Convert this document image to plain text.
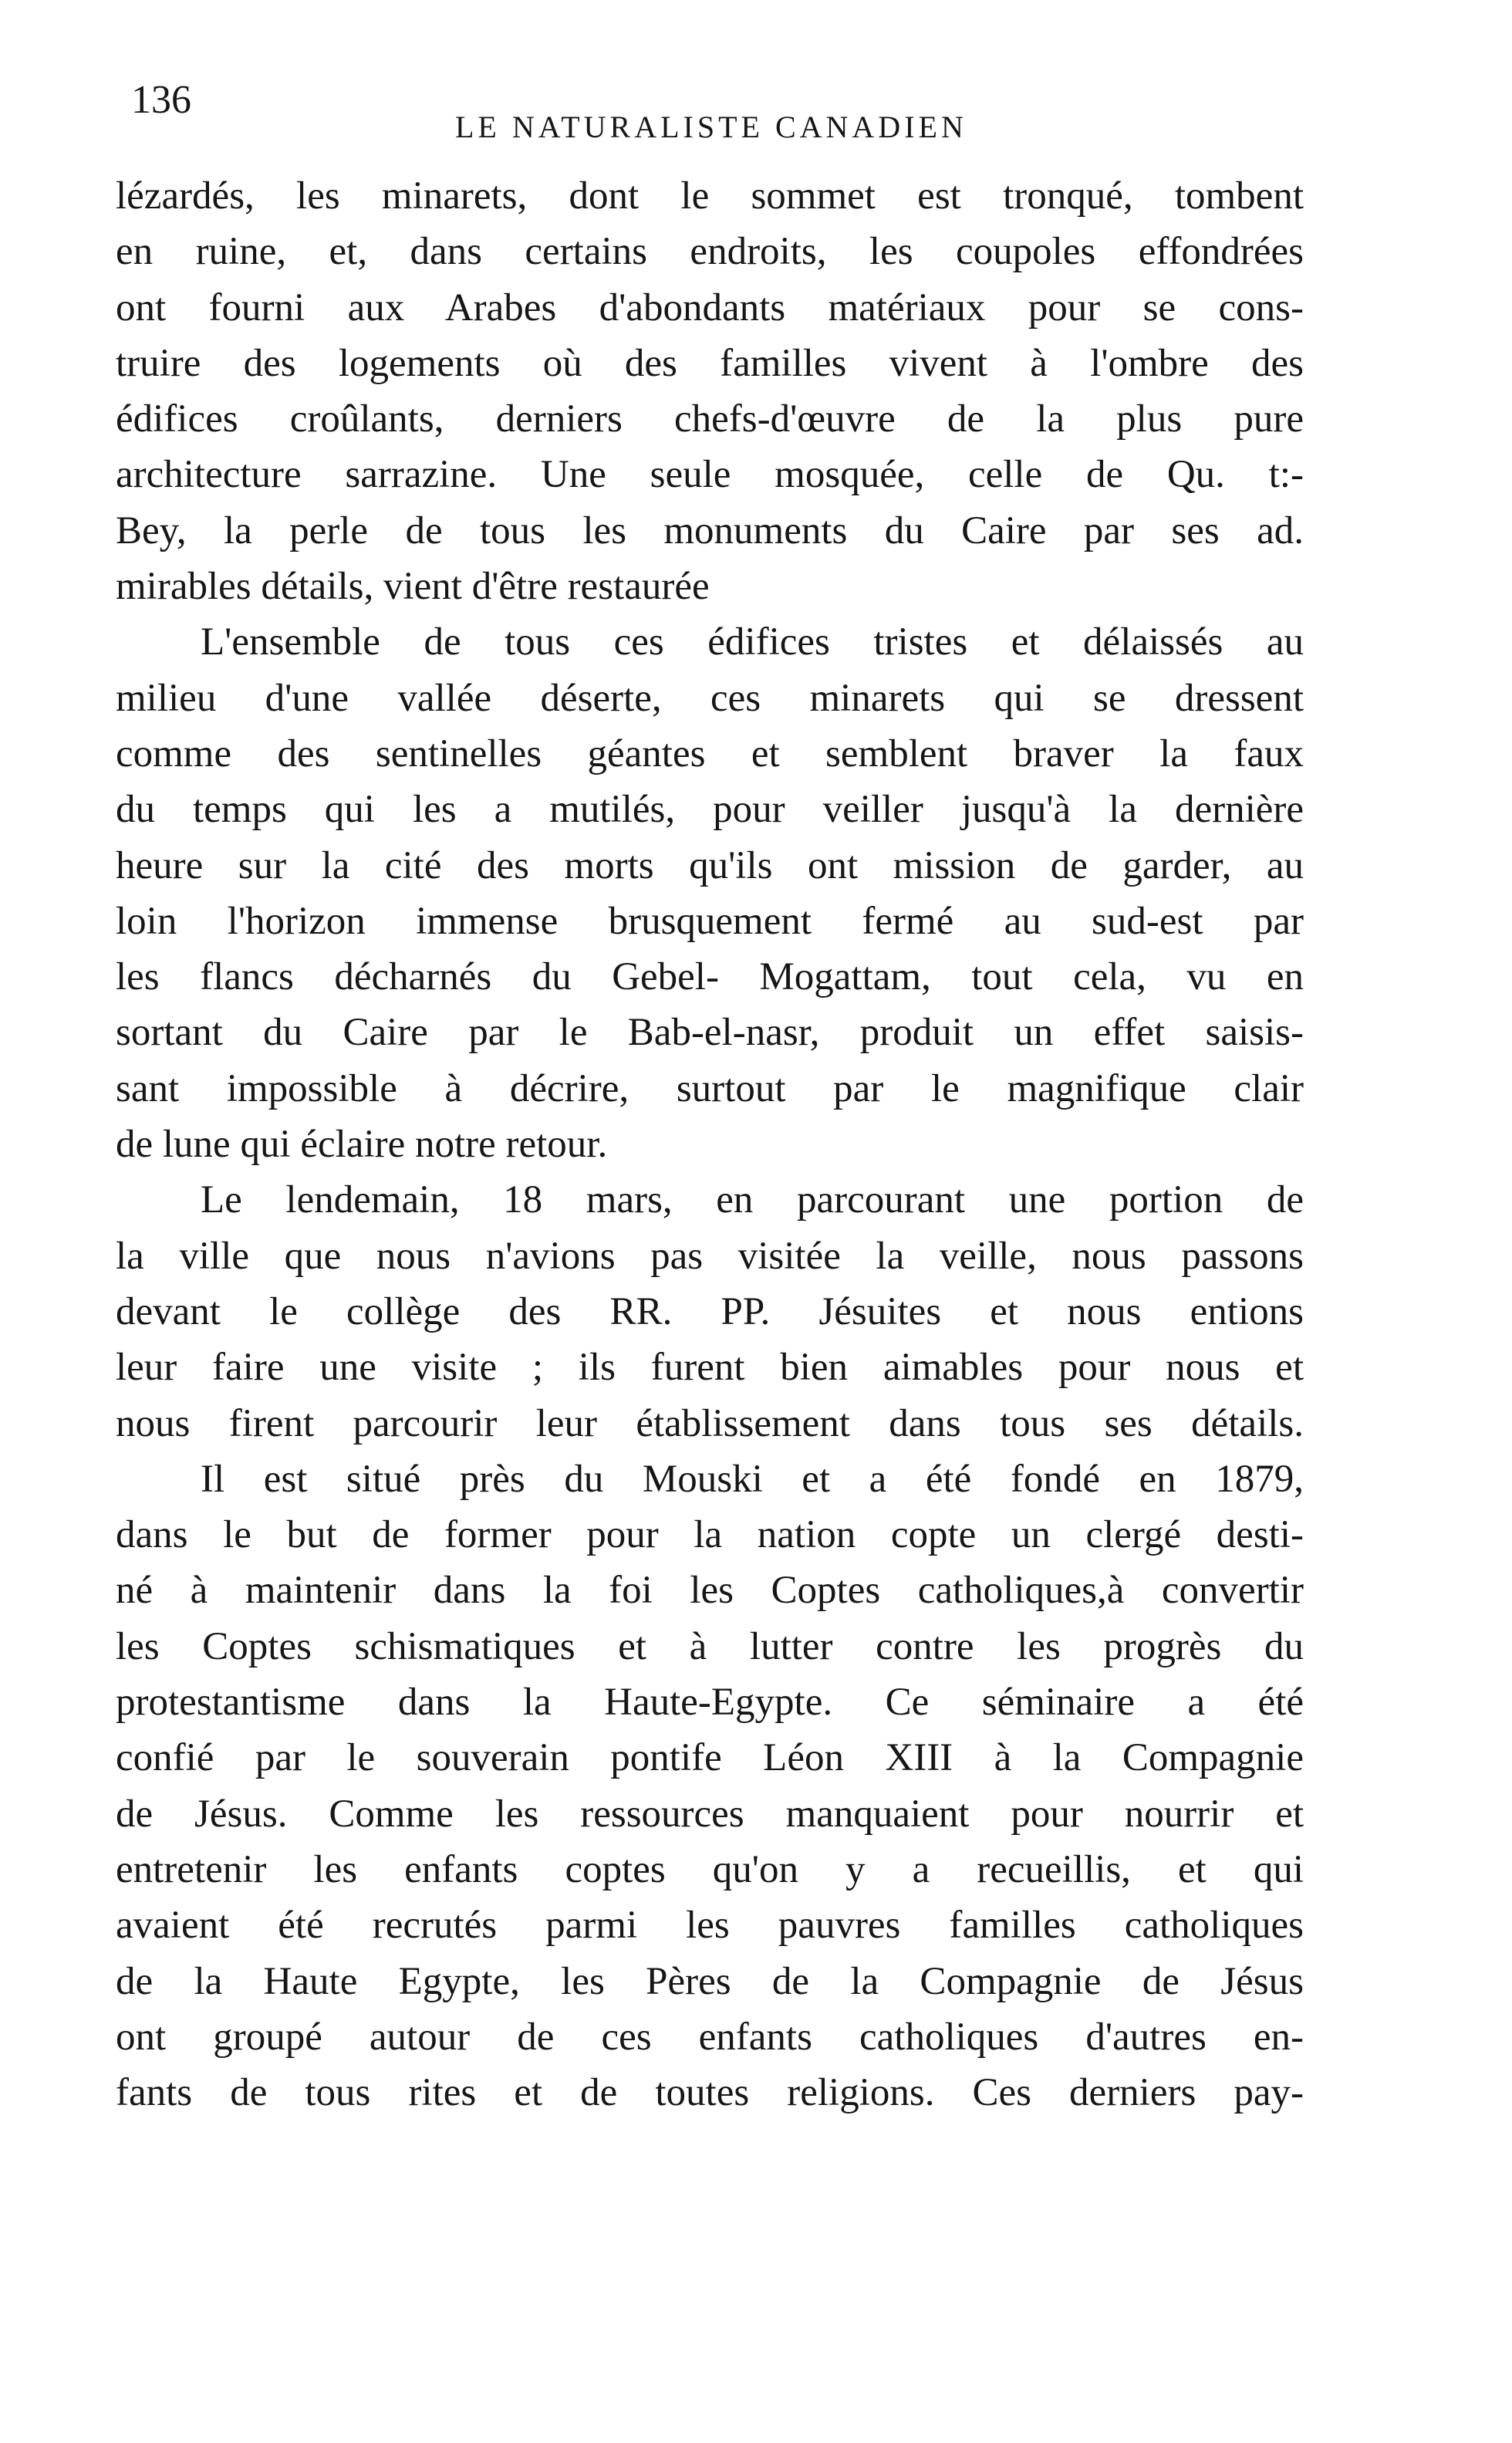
136
LE NATURALISTE CANADIEN
lézardés, les minarets, dont le sommet est tronqué, tombent
en ruine, et, dans certains endroits, les coupoles effondrées
ont fourni aux Arabes d'abondants matériaux pour se cons-
truire des logements où des familles vivent à l'ombre des
édifices croûlants, derniers chefs-d'œuvre de la plus pure
architecture sarrazine. Une seule mosquée, celle de Qu. t:-
Bey, la perle de tous les monuments du Caire par ses ad.
mirables détails, vient d'être restaurée
L'ensemble de tous ces édifices tristes et délaissés au
milieu d'une vallée déserte, ces minarets qui se dressent
comme des sentinelles géantes et semblent braver la faux
du temps qui les a mutilés, pour veiller jusqu'à la dernière
heure sur la cité des morts qu'ils ont mission de garder, au
loin l'horizon immense brusquement fermé au sud-est par
les flancs décharnés du Gebel- Mogattam, tout cela, vu en
sortant du Caire par le Bab-el-nasr, produit un effet saisis-
sant impossible à décrire, surtout par le magnifique clair
de lune qui éclaire notre retour.
Le lendemain, 18 mars, en parcourant une portion de
la ville que nous n'avions pas visitée la veille, nous passons
devant le collège des RR. PP. Jésuites et nous entions
leur faire une visite ; ils furent bien aimables pour nous et
nous firent parcourir leur établissement dans tous ses détails.
Il est situé près du Mouski et a été fondé en 1879,
dans le but de former pour la nation copte un clergé desti-
né à maintenir dans la foi les Coptes catholiques,à convertir
les Coptes schismatiques et à lutter contre les progrès du
protestantisme dans la Haute-Egypte. Ce séminaire a été
confié par le souverain pontife Léon XIII à la Compagnie
de Jésus. Comme les ressources manquaient pour nourrir et
entretenir les enfants coptes qu'on y a recueillis, et qui
avaient été recrutés parmi les pauvres familles catholiques
de la Haute Egypte, les Pères de la Compagnie de Jésus
ont groupé autour de ces enfants catholiques d'autres en-
fants de tous rites et de toutes religions. Ces derniers pay-
